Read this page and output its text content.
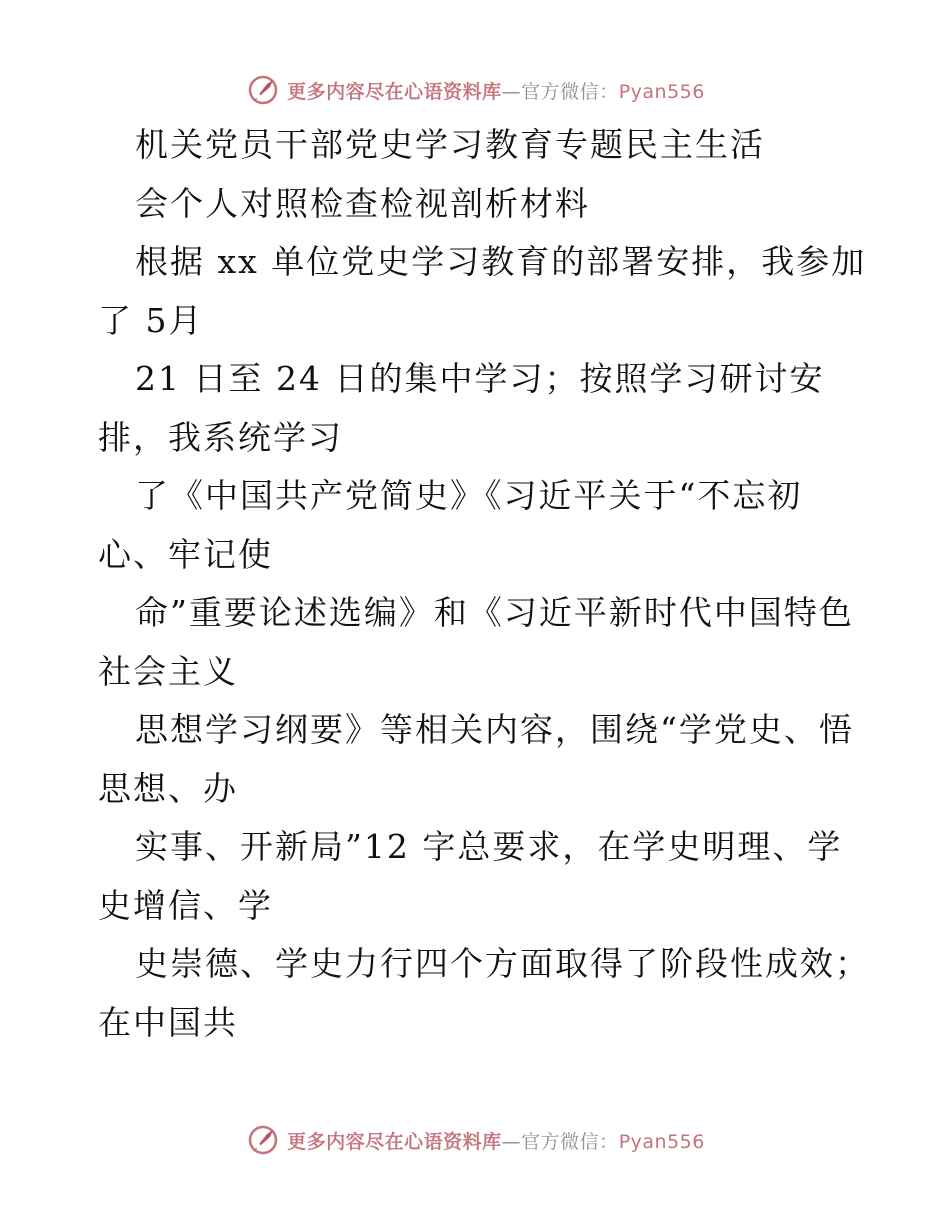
更多内容尽在心语资料库—官方微信：Pyan556
机关党员干部党史学习教育专题民主生活
会个人对照检查检视剖析材料
根据 xx 单位党史学习教育的部署安排，我参加
了 5月
21 日至 24 日的集中学习；按照学习研讨安
排，我系统学习
了《中国共产党简史》《习近平关于“不忘初
心、牢记使
命”重要论述选编》和《习近平新时代中国特色
社会主义
思想学习纲要》等相关内容，围绕“学党史、悟
思想、办
实事、开新局”12 字总要求，在学史明理、学
史增信、学
史崇德、学史力行四个方面取得了阶段性成效；
在中国共
更多内容尽在心语资料库—官方微信：Pyan556
